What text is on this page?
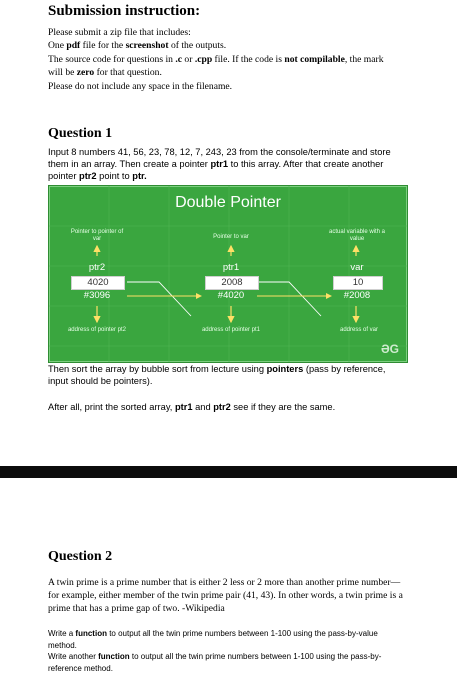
Submission instruction:
Please submit a zip file that includes:
One pdf file for the screenshot of the outputs.
The source code for questions in .c or .cpp file. If the code is not compilable, the mark
will be zero for that question.
Please do not include any space in the filename.
Question 1
Input 8 numbers 41, 56, 23, 78, 12, 7, 243, 23 from the console/terminate and store them in an array. Then create a pointer ptr1 to this array. After that create another pointer ptr2 point to ptr.
Double Pointer
Pointer to pointer of var
ptr2
4020
#3096
address of pointer pt2
Pointer to var
ptr1
2008
#4020
address of pointer pt1
actual variable with a value
var
10
#2008
address of var
ƏG
Then sort the array by bubble sort from lecture using pointers (pass by reference, input should be pointers).
After all, print the sorted array, ptr1 and ptr2 see if they are the same.
Question 2
A twin prime is a prime number that is either 2 less or 2 more than another prime number—for example, either member of the twin prime pair (41, 43). In other words, a twin prime is a prime that has a prime gap of two. -Wikipedia
Write a function to output all the twin prime numbers between 1-100 using the pass-by-value method.
Write another function to output all the twin prime numbers between 1-100 using the pass-by-reference method.
